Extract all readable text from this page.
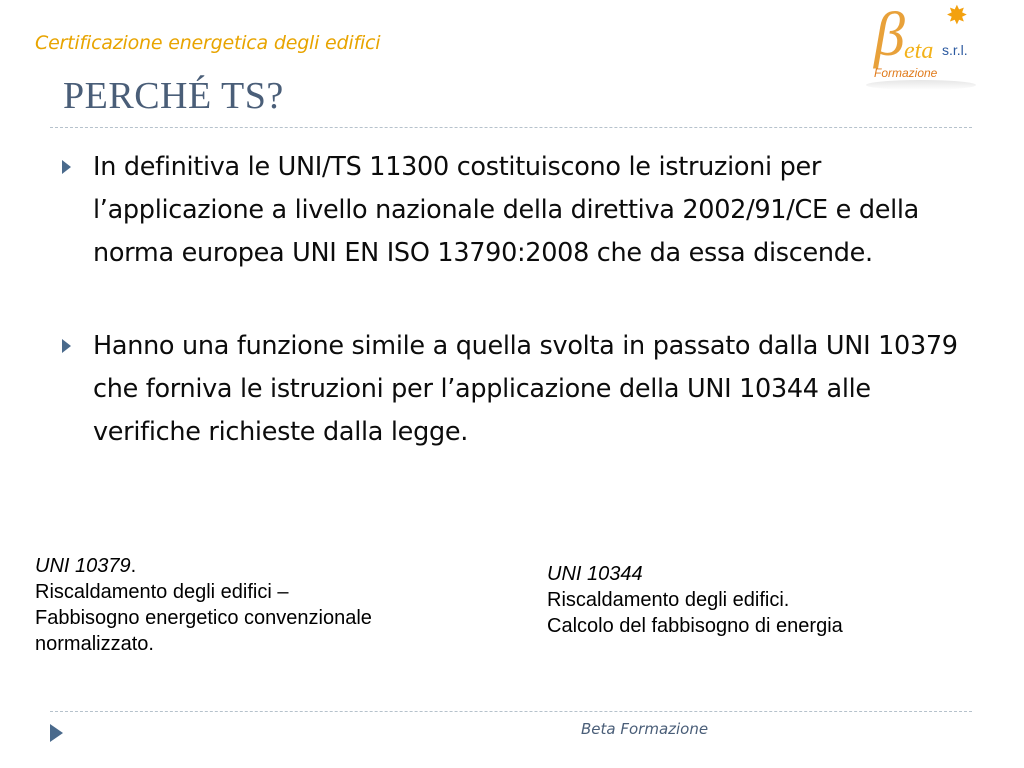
Certificazione energetica degli edifici
PERCHÉ TS?
β eta s.r.l.
Formazione
✸
In definitiva le UNI/TS 11300 costituiscono le istruzioni per l’applicazione a livello nazionale della direttiva 2002/91/CE e della norma europea UNI EN ISO 13790:2008 che da essa discende.
Hanno una funzione simile a quella svolta in passato dalla UNI 10379 che forniva le istruzioni per l’applicazione della UNI 10344 alle verifiche richieste dalla legge.
UNI 10379.
Riscaldamento degli edifici –
Fabbisogno energetico convenzionale
normalizzato.
UNI 10344
Riscaldamento degli edifici.
Calcolo del fabbisogno di energia
Beta Formazione
